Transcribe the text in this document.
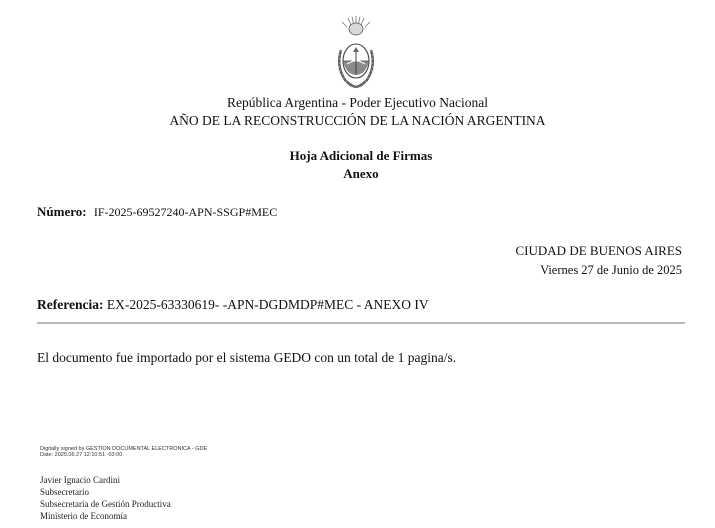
República Argentina - Poder Ejecutivo Nacional
AÑO DE LA RECONSTRUCCIÓN DE LA NACIÓN ARGENTINA
Hoja Adicional de Firmas
Anexo
Número: IF-2025-69527240-APN-SSGP#MEC
CIUDAD DE BUENOS AIRES
Viernes 27 de Junio de 2025
Referencia: EX-2025-63330619- -APN-DGDMDP#MEC - ANEXO IV
El documento fue importado por el sistema GEDO con un total de 1 pagina/s.
Digitally signed by GESTION DOCUMENTAL ELECTRONICA - GDE
Date: 2025.06.27 12:10:51 -03:00
Javier Ignacio Cardini
Subsecretario
Subsecretaría de Gestión Productiva
Ministerio de Economía
